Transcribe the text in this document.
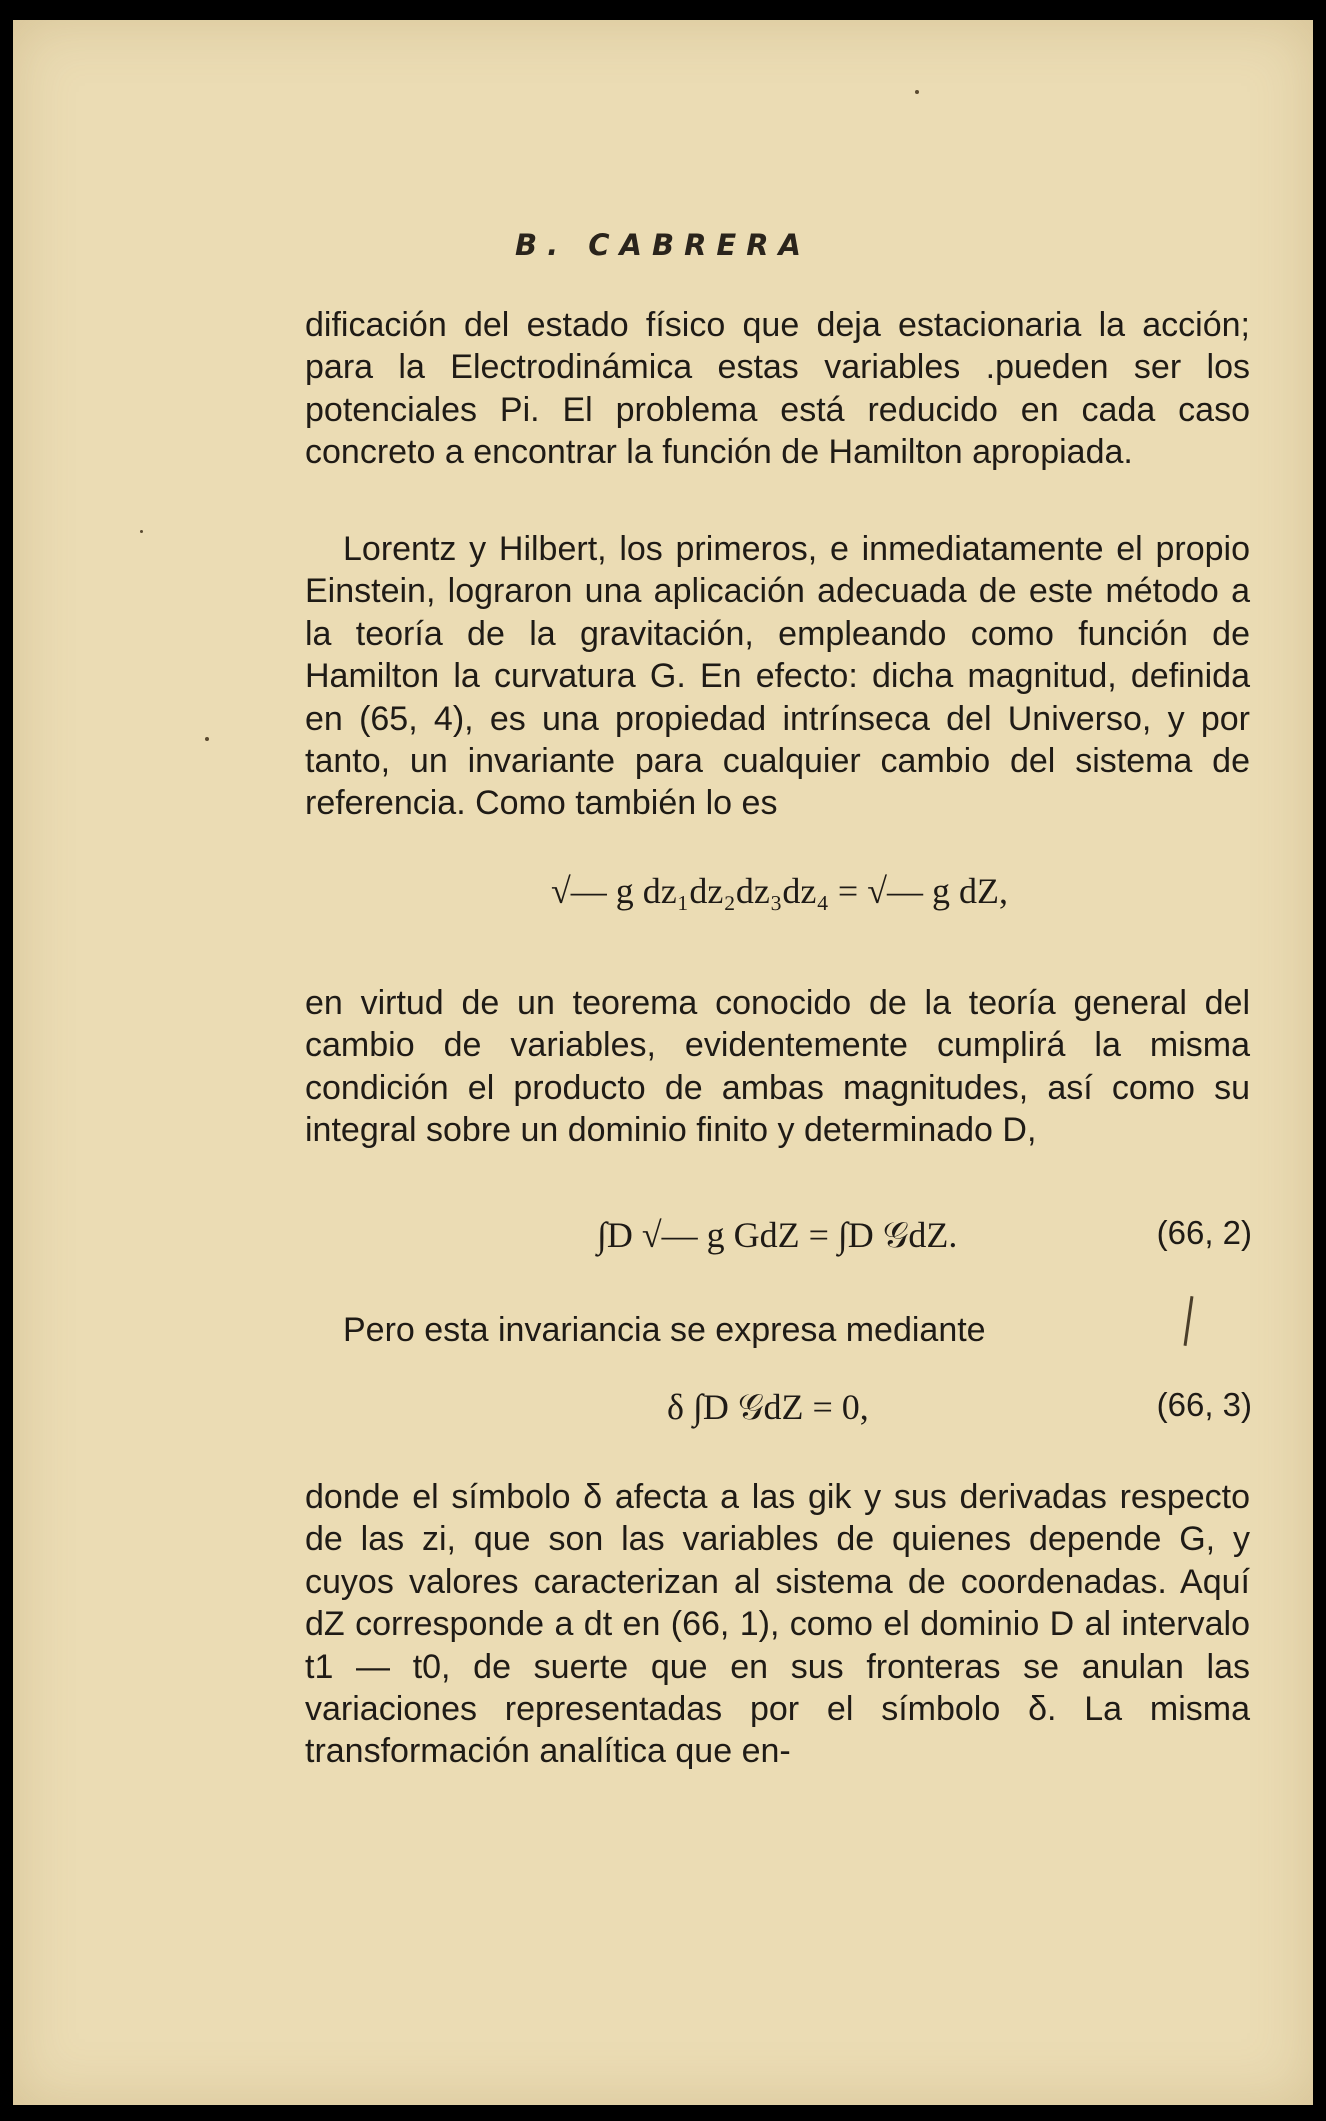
B. CABRERA

dificación del estado físico que deja estacionaria la acción; para la Electrodinámica estas variables .pueden ser los potenciales Pi. El problema está reducido en cada caso concreto a encontrar la función de Hamilton apropiada.

Lorentz y Hilbert, los primeros, e inmediatamente el propio Einstein, lograron una aplicación adecuada de este método a la teoría de la gravitación, empleando como función de Hamilton la curvatura G. En efecto: dicha magnitud, definida en (65, 4), es una propiedad intrínseca del Universo, y por tanto, un invariante para cualquier cambio del sistema de referencia. Como también lo es

√— g dz₁dz₂dz₃dz₄ = √— g dZ,

en virtud de un teorema conocido de la teoría general del cambio de variables, evidentemente cumplirá la misma condición el producto de ambas magnitudes, así como su integral sobre un dominio finito y determinado D,

∫D √— g GdZ = ∫D 𝒢dZ.	(66, 2)

Pero esta invariancia se expresa mediante

δ ∫D 𝒢dZ = 0,	(66, 3)

donde el símbolo δ afecta a las gik y sus derivadas respecto de las zi, que son las variables de quienes depende G, y cuyos valores caracterizan al sistema de coordenadas. Aquí dZ corresponde a dt en (66, 1), como el dominio D al intervalo t1 — t0, de suerte que en sus fronteras se anulan las variaciones representadas por el símbolo δ. La misma transformación analítica que en-
